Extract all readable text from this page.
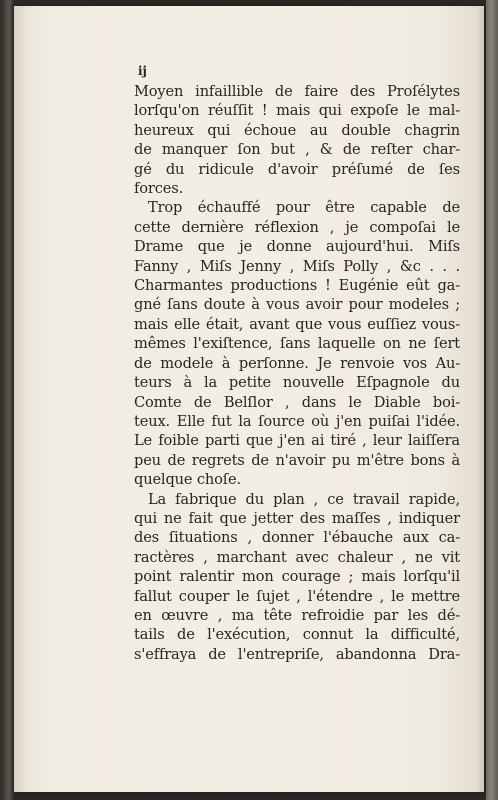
ij
Moyen infaillible de faire des Proſélytes
lorſqu'on réuſſit ! mais qui expoſe le mal-
heureux qui échoue au double chagrin
de manquer ſon but , & de reſter char-
gé du ridicule d'avoir préſumé de ſes
forces.
Trop échauffé pour être capable de
cette dernière réflexion , je compoſai le
Drame que je donne aujourd'hui. Miſs
Fanny , Miſs Jenny , Miſs Polly , &c . . .
Charmantes productions ! Eugénie eût ga-
gné ſans doute à vous avoir pour modeles ;
mais elle était, avant que vous euſſiez vous-
mêmes l'exiſtence, ſans laquelle on ne ſert
de modele à perſonne. Je renvoie vos Au-
teurs à la petite nouvelle Eſpagnole du
Comte de Belſlor , dans le Diable boi-
teux. Elle fut la ſource où j'en puiſai l'idée.
Le foible parti que j'en ai tiré , leur laiſſera
peu de regrets de n'avoir pu m'être bons à
quelque choſe.
La fabrique du plan , ce travail rapide,
qui ne fait que jetter des maſſes , indiquer
des ſituations , donner l'ébauche aux ca-
ractères , marchant avec chaleur , ne vit
point ralentir mon courage ; mais lorſqu'il
fallut couper le ſujet , l'étendre , le mettre
en œuvre , ma tête refroidie par les dé-
tails de l'exécution, connut la difficulté,
s'effraya de l'entrepriſe, abandonna Dra-
